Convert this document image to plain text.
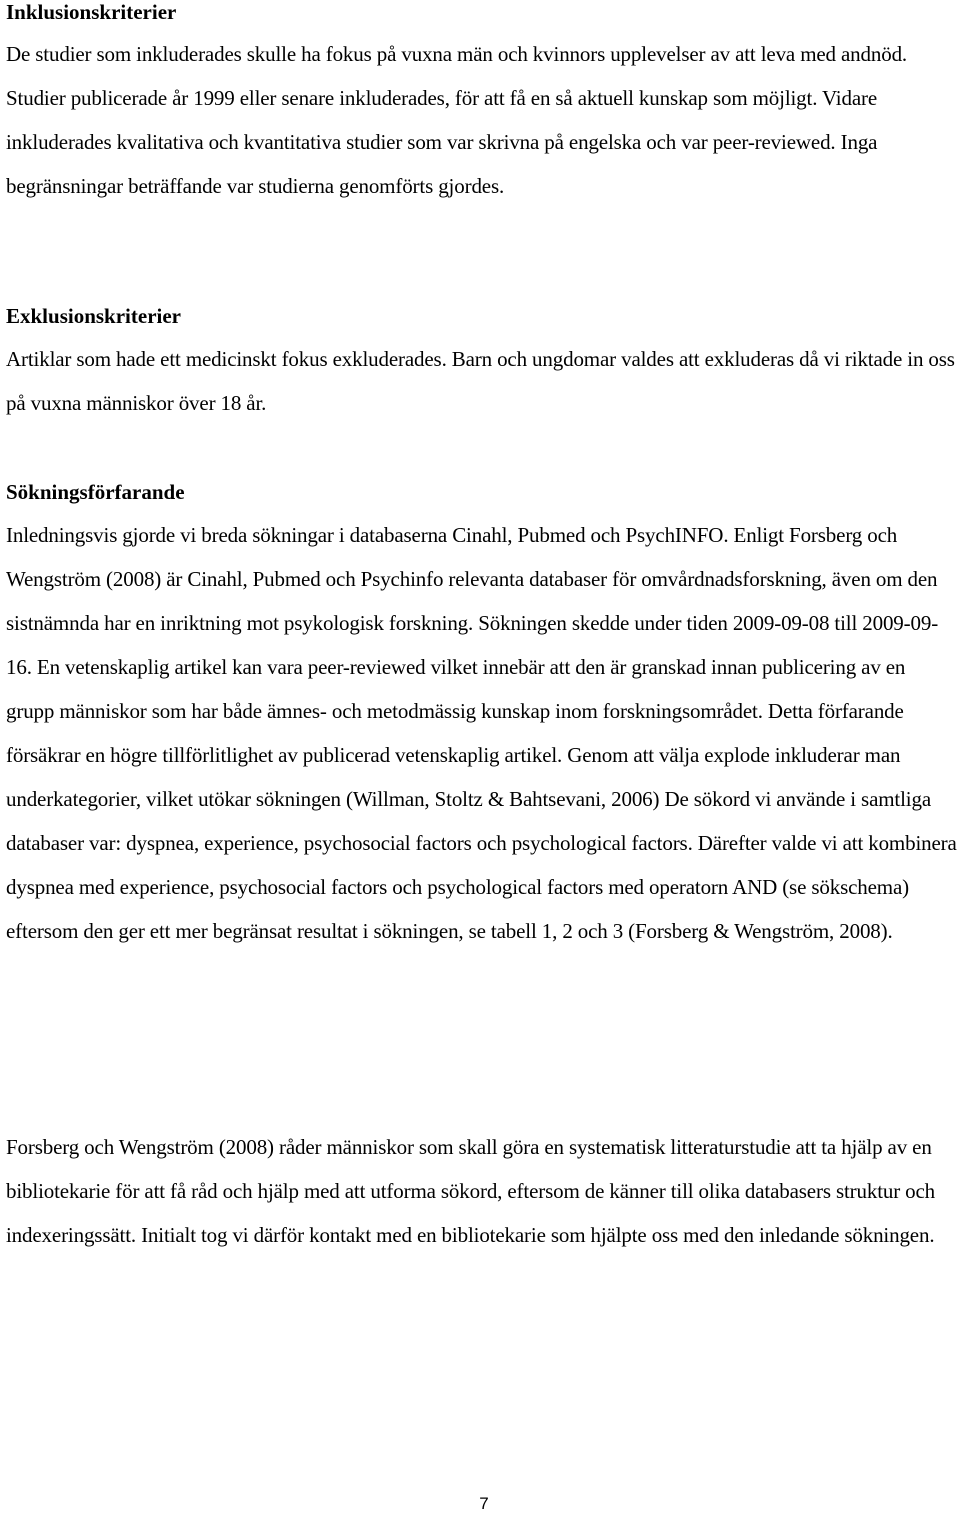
Inklusionskriterier

De studier som inkluderades skulle ha fokus på vuxna män och kvinnors upplevelser av att leva med andnöd. Studier publicerade år 1999 eller senare inkluderades, för att få en så aktuell kunskap som möjligt. Vidare inkluderades kvalitativa och kvantitativa studier som var skrivna på engelska och var peer-reviewed. Inga begränsningar beträffande var studierna genomförts gjordes.

Exklusionskriterier

Artiklar som hade ett medicinskt fokus exkluderades. Barn och ungdomar valdes att exkluderas då vi riktade in oss på vuxna människor över 18 år.

Sökningsförfarande

Inledningsvis gjorde vi breda sökningar i databaserna Cinahl, Pubmed och PsychINFO. Enligt Forsberg och Wengström (2008) är Cinahl, Pubmed och Psychinfo relevanta databaser för omvårdnadsforskning, även om den sistnämnda har en inriktning mot psykologisk forskning. Sökningen skedde under tiden 2009-09-08 till 2009-09-16. En vetenskaplig artikel kan vara peer-reviewed vilket innebär att den är granskad innan publicering av en grupp människor som har både ämnes- och metodmässig kunskap inom forskningsområdet. Detta förfarande försäkrar en högre tillförlitlighet av publicerad vetenskaplig artikel. Genom att välja explode inkluderar man underkategorier, vilket utökar sökningen (Willman, Stoltz & Bahtsevani, 2006) De sökord vi använde i samtliga databaser var: dyspnea, experience, psychosocial factors och psychological factors. Därefter valde vi att kombinera dyspnea med experience, psychosocial factors och psychological factors med operatorn AND (se sökschema) eftersom den ger ett mer begränsat resultat i sökningen, se tabell 1, 2 och 3 (Forsberg & Wengström, 2008).

Forsberg och Wengström (2008) råder människor som skall göra en systematisk litteraturstudie att ta hjälp av en bibliotekarie för att få råd och hjälp med att utforma sökord, eftersom de känner till olika databasers struktur och indexeringssätt. Initialt tog vi därför kontakt med en bibliotekarie som hjälpte oss med den inledande sökningen.

7
